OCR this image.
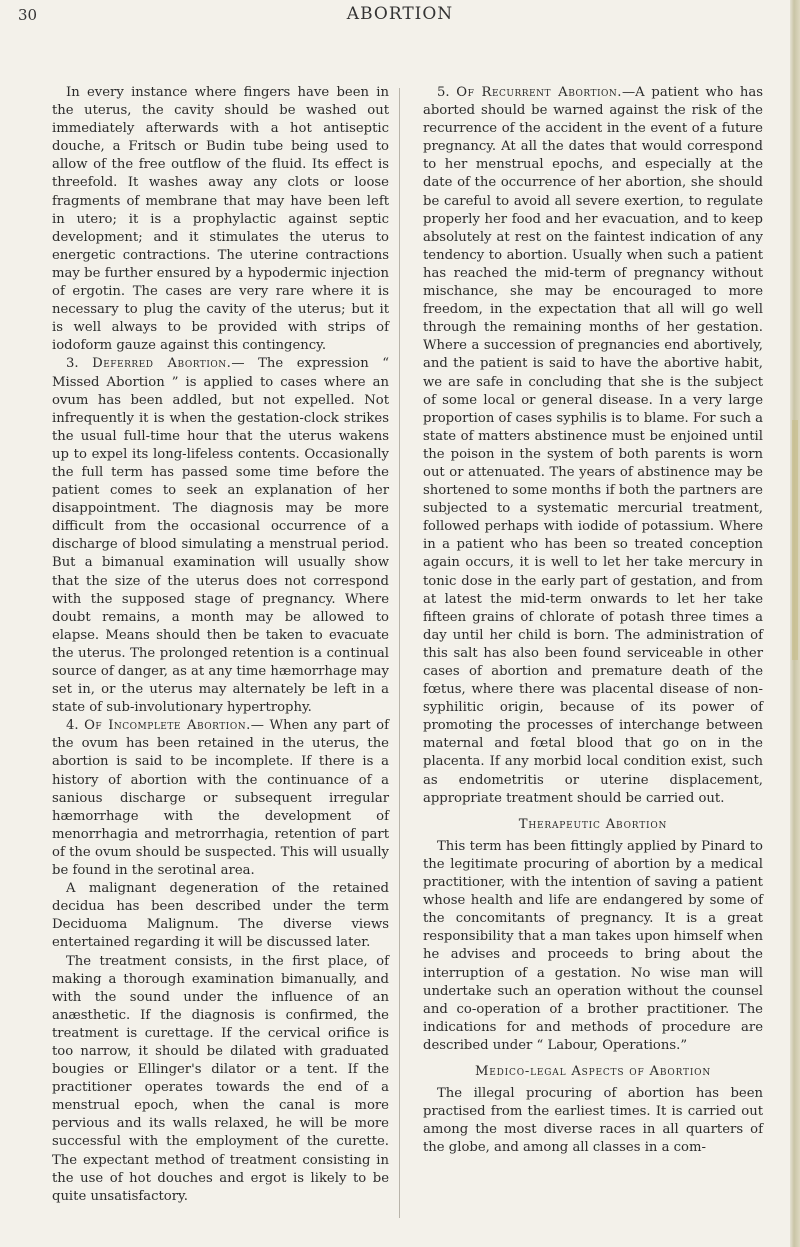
30	ABORTION

In every instance where fingers have been in the uterus, the cavity should be washed out immediately afterwards with a hot antiseptic douche, a Fritsch or Budin tube being used to allow of the free outflow of the fluid. Its effect is threefold. It washes away any clots or loose fragments of membrane that may have been left in utero; it is a prophylactic against septic development; and it stimulates the uterus to energetic contractions. The uterine contractions may be further ensured by a hypodermic injection of ergotin. The cases are very rare where it is necessary to plug the cavity of the uterus; but it is well always to be provided with strips of iodoform gauze against this contingency.

3. Deferred Abortion.— The expression “ Missed Abortion ” is applied to cases where an ovum has been addled, but not expelled. Not infrequently it is when the gestation-clock strikes the usual full-time hour that the uterus wakens up to expel its long-lifeless contents. Occasionally the full term has passed some time before the patient comes to seek an explanation of her disappointment. The diagnosis may be more difficult from the occasional occurrence of a discharge of blood simulating a menstrual period. But a bimanual examination will usually show that the size of the uterus does not correspond with the supposed stage of pregnancy. Where doubt remains, a month may be allowed to elapse. Means should then be taken to evacuate the uterus. The prolonged retention is a continual source of danger, as at any time hæmorrhage may set in, or the uterus may alternately be left in a state of sub-involutionary hypertrophy.

4. Of Incomplete Abortion.— When any part of the ovum has been retained in the uterus, the abortion is said to be incomplete. If there is a history of abortion with the continuance of a sanious discharge or subsequent irregular hæmorrhage with the development of menorrhagia and metrorrhagia, retention of part of the ovum should be suspected. This will usually be found in the serotinal area.

A malignant degeneration of the retained decidua has been described under the term Deciduoma Malignum. The diverse views entertained regarding it will be discussed later.

The treatment consists, in the first place, of making a thorough examination bimanually, and with the sound under the influence of an anæsthetic. If the diagnosis is confirmed, the treatment is curettage. If the cervical orifice is too narrow, it should be dilated with graduated bougies or Ellinger's dilator or a tent. If the practitioner operates towards the end of a menstrual epoch, when the canal is more pervious and its walls relaxed, he will be more successful with the employment of the curette. The expectant method of treatment consisting in the use of hot douches and ergot is likely to be quite unsatisfactory.

5. Of Recurrent Abortion.—A patient who has aborted should be warned against the risk of the recurrence of the accident in the event of a future pregnancy. At all the dates that would correspond to her menstrual epochs, and especially at the date of the occurrence of her abortion, she should be careful to avoid all severe exertion, to regulate properly her food and her evacuation, and to keep absolutely at rest on the faintest indication of any tendency to abortion. Usually when such a patient has reached the mid-term of pregnancy without mischance, she may be encouraged to more freedom, in the expectation that all will go well through the remaining months of her gestation. Where a succession of pregnancies end abortively, and the patient is said to have the abortive habit, we are safe in concluding that she is the subject of some local or general disease. In a very large proportion of cases syphilis is to blame. For such a state of matters abstinence must be enjoined until the poison in the system of both parents is worn out or attenuated. The years of abstinence may be shortened to some months if both the partners are subjected to a systematic mercurial treatment, followed perhaps with iodide of potassium. Where in a patient who has been so treated conception again occurs, it is well to let her take mercury in tonic dose in the early part of gestation, and from at latest the mid-term onwards to let her take fifteen grains of chlorate of potash three times a day until her child is born. The administration of this salt has also been found serviceable in other cases of abortion and premature death of the fœtus, where there was placental disease of non-syphilitic origin, because of its power of promoting the processes of interchange between maternal and fœtal blood that go on in the placenta. If any morbid local condition exist, such as endometritis or uterine displacement, appropriate treatment should be carried out.

Therapeutic Abortion

This term has been fittingly applied by Pinard to the legitimate procuring of abortion by a medical practitioner, with the intention of saving a patient whose health and life are endangered by some of the concomitants of pregnancy. It is a great responsibility that a man takes upon himself when he advises and proceeds to bring about the interruption of a gestation. No wise man will undertake such an operation without the counsel and co-operation of a brother practitioner. The indications for and methods of procedure are described under “ Labour, Operations.”

Medico-legal Aspects of Abortion

The illegal procuring of abortion has been practised from the earliest times. It is carried out among the most diverse races in all quarters of the globe, and among all classes in a com-
